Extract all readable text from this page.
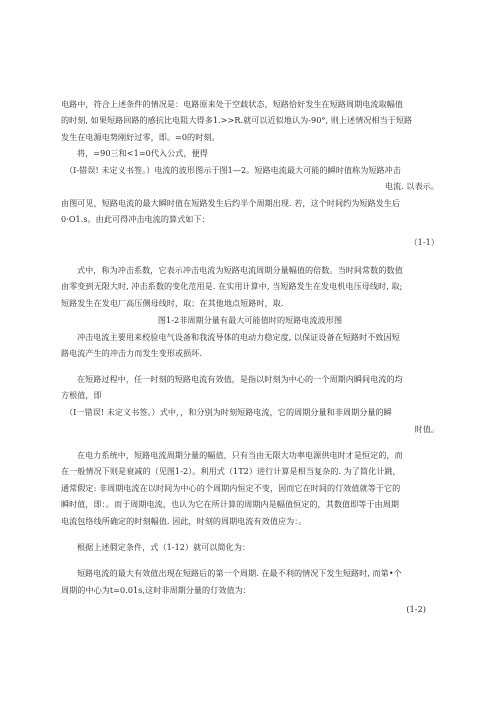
电路中，符合上述条件的情况是：电路原来处于空载状态，短路恰好发生在短路周期电流取幅值
的时刻, 如果短路回路的感抗比电阻大得多1.>>R.就可以近似地认为-90°, 则上述情况相当于短路
发生在电源电势刚好过零，即。=0的时刻。
将，=90三和<1=0代入公式，便得
（I-错误! 未定义书签。）电流的波形图示于图1—2。短路电流最大可能的瞬时值称为短路冲击
电流. 以表示。
由图可见，短路电流的最大瞬时值在短路发生后约半个周期出现. 若，这个时间约为短路发生后
0·O1.s。由此可得冲击电流的算式如下：
（1-1）
式中，称为冲击系数，它表示冲击电流为短路电流周期分量幅值的倍数。当时间常数的数值
由零变到无限大时, 冲击系数的变化范用是. 在实用计算中, 当短路发生在发电机电压母线时, 取;
短路发生在发电厂高压侧母线时，取；在其他地点短路时，取.
图1-2非周期分量有最大可能值时的短路电流波形图
冲击电流主要用来校验电气设备和我流导体的电动力稳定度, 以保证设备在短路时不致因短
路电流产生的冲击力而发生变形或损坏.
在短路过程中，任一时刻的短路电流有效值，是指以时刻为中心的一个周期内瞬间电流的均
方根值，即
（I一错误! 未定义书签。）式中，，和分别为时刻短路电流，它的周期分量和非周期分量的瞬
时值。
在电力系统中，短路电流周期分量的幅值，只有当由无限大功率电源供电时才是恒定的，而
在一般情况下则是衰减的（见图1-2）。利用式（1T2）进行计算是相当复杂的. 为了简化计跳，
通常假定: 非周期电流在以时间为中心的个周期内恒定不变，因而它在时间的仃效值就等于它的
瞬时值，即：。而于周期电流，也认为它在所计算的周期内是幅值恒定的，其数值即等于由周期
电流包络线所确定的时刻幅值. 因此，时刻的周期电流有效值应为：。
根据上述假定条件，式（1-12）就可以简化为：
短路电流的最大有效值出现在短路后的第一个周期. 在最不利的情况下发生短路时, 而第•个
周期的中心为t=0.01s,这时非周期分量的仃效值为：
(1-2)
